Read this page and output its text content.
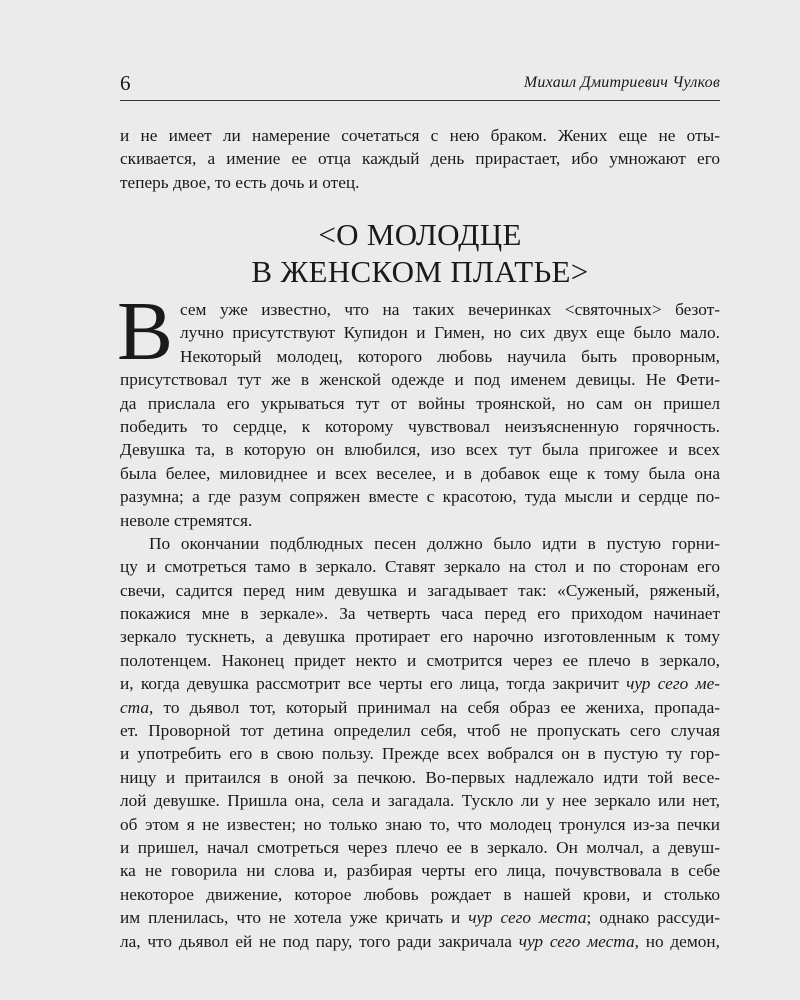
6	Михаил Дмитриевич Чулков
и не имеет ли намерение сочетаться с нею браком. Жених еще не оты-
скивается, а имение ее отца каждый день прирастает, ибо умножают его
теперь двое, то есть дочь и отец.
<О МОЛОДЦЕ
В ЖЕНСКОМ ПЛАТЬЕ>
В сем уже известно, что на таких вечеринках <святочных> безот-
лучно присутствуют Купидон и Гимен, но сих двух еще было мало.
Некоторый молодец, которого любовь научила быть проворным,
присутствовал тут же в женской одежде и под именем девицы. Не Фети-
да прислала его укрываться тут от войны троянской, но сам он пришел
победить то сердце, к которому чувствовал неизъясненную горячность.
Девушка та, в которую он влюбился, изо всех тут была пригожее и всех
была белее, миловиднее и всех веселее, и в добавок еще к тому была она
разумна; а где разум сопряжен вместе с красотою, туда мысли и сердце по-
неволе стремятся.
По окончании подблюдных песен должно было идти в пустую горни-
цу и смотреться тамо в зеркало. Ставят зеркало на стол и по сторонам его
свечи, садится перед ним девушка и загадывает так: «Суженый, ряженый,
покажися мне в зеркале». За четверть часа перед его приходом начинает
зеркало тускнеть, а девушка протирает его нарочно изготовленным к тому
полотенцем. Наконец придет некто и смотрится через ее плечо в зеркало,
и, когда девушка рассмотрит все черты его лица, тогда закричит чур сего ме-
ста, то дьявол тот, который принимал на себя образ ее жениха, пропада-
ет. Проворной тот детина определил себя, чтоб не пропускать сего случая
и употребить его в свою пользу. Прежде всех вобрался он в пустую ту гор-
ницу и притаился в оной за печкою. Во-первых надлежало идти той весе-
лой девушке. Пришла она, села и загадала. Тускло ли у нее зеркало или нет,
об этом я не известен; но только знаю то, что молодец тронулся из-за печки
и пришел, начал смотреться через плечо ее в зеркало. Он молчал, а девуш-
ка не говорила ни слова и, разбирая черты его лица, почувствовала в себе
некоторое движение, которое любовь рождает в нашей крови, и столько
им пленилась, что не хотела уже кричать и чур сего места; однако рассуди-
ла, что дьявол ей не под пару, того ради закричала чур сего места, но демон,
